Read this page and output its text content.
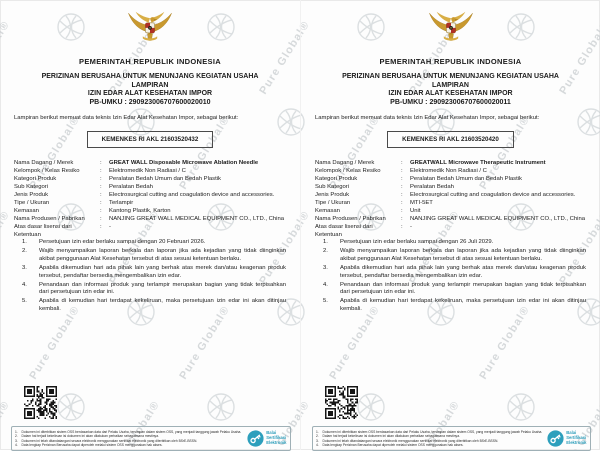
PEMERINTAH REPUBLIK INDONESIA
PERIZINAN BERUSAHA UNTUK MENUNJANG KEGIATAN USAHA
LAMPIRAN
IZIN EDAR ALAT KESEHATAN IMPOR
PB-UMKU : 290923006707600020010
Lampiran berikut memuat data teknis Izin Edar Alat Kesehatan Impor, sebagai berikut:
KEMENKES RI AKL 21603520432
Nama Dagang / Merek :	GREAT WALL Disposable Microwave Ablation Needle
Kelompok / Kelas Resiko :	Elektromedik Non Radiasi / C
Kategori Produk :	Peralatan Bedah Umum dan Bedah Plastik
Sub Kategori :	Peralatan Bedah
Jenis Produk :	Electrosurgical cutting and coagulation device and accessories.
Tipe / Ukuran :	Terlampir
Kemasan :	Kantong Plastik, Karton
Nama Produsen / Pabrikan :	NANJING GREAT WALL MEDICAL EQUIPMENT CO., LTD., China
Atas dasar lisensi dari :	-
Ketentuan
Persetujuan izin edar berlaku sampai dengan 20 Februari 2026.
Wajib menyampaikan laporan berkala dan laporan jika ada kejadian yang tidak diinginkan akibat penggunaan Alat Kesehatan tersebut di atas sesuai ketentuan berlaku.
Apabila dikemudian hari ada pihak lain yang berhak atas merek dan/atau keagenan produk tersebut, pendaftar bersedia mengembalikan izin edar.
Penandaan dan informasi produk yang terlampir merupakan bagian yang tidak terpisahkan dari persetujuan izin edar ini.
Apabila di kemudian hari terdapat kekeliruan, maka persetujuan izin edar ini akan ditinjau kembali.
Dokumen ini diterbitkan sistem OSS berdasarkan data dari Pelaku Usaha, tersimpan dalam sistem OSS, yang menjadi tanggung jawab Pelaku Usaha.
Dalam hal terjadi kekeliruan isi dokumen ini akan dilakukan perbaikan sebagaimana mestinya.
Dokumen ini telah ditandatangani secara elektronik menggunakan sertifikat elektronik yang diterbitkan oleh BSrE-BSSN.
Data lengkap Perizinan Berusaha dapat diperoleh melalui sistem OSS menggunakan hak akses.
Balai
Sertifikasi
Elektronik
PEMERINTAH REPUBLIK INDONESIA
PERIZINAN BERUSAHA UNTUK MENUNJANG KEGIATAN USAHA
LAMPIRAN
IZIN EDAR ALAT KESEHATAN IMPOR
PB-UMKU : 290923006707600020011
Lampiran berikut memuat data teknis Izin Edar Alat Kesehatan Impor, sebagai berikut:
KEMENKES RI AKL 21603520420
Nama Dagang / Merek :	GREATWALL Microwave Therapeutic Instrument
Kelompok / Kelas Resiko :	Elektromedik Non Radiasi / C
Kategori Produk :	Peralatan Bedah Umum dan Bedah Plastik
Sub Kategori :	Peralatan Bedah
Jenis Produk :	Electrosurgical cutting and coagulation device and accessories.
Tipe / Ukuran :	MTI-5ET
Kemasan :	Unit
Nama Produsen / Pabrikan :	NANJING GREAT WALL MEDICAL EQUIPMENT CO., LTD., China
Atas dasar lisensi dari :	-
Ketentuan
Persetujuan izin edar berlaku sampai dengan 26 Juli 2029.
Wajib menyampaikan laporan berkala dan laporan jika ada kejadian yang tidak diinginkan akibat penggunaan Alat Kesehatan tersebut di atas sesuai ketentuan berlaku.
Apabila dikemudian hari ada pihak lain yang berhak atas merek dan/atau keagenan produk tersebut, pendaftar bersedia mengembalikan izin edar.
Penandaan dan informasi produk yang terlampir merupakan bagian yang tidak terpisahkan dari persetujuan izin edar ini.
Apabila di kemudian hari terdapat kekeliruan, maka persetujuan izin edar ini akan ditinjau kembali.
Dokumen ini diterbitkan sistem OSS berdasarkan data dari Pelaku Usaha, tersimpan dalam sistem OSS, yang menjadi tanggung jawab Pelaku Usaha.
Dalam hal terjadi kekeliruan isi dokumen ini akan dilakukan perbaikan sebagaimana mestinya.
Dokumen ini telah ditandatangani secara elektronik menggunakan sertifikat elektronik yang diterbitkan oleh BSrE-BSSN.
Data lengkap Perizinan Berusaha dapat diperoleh melalui sistem OSS menggunakan hak akses.
Balai
Sertifikasi
Elektronik
